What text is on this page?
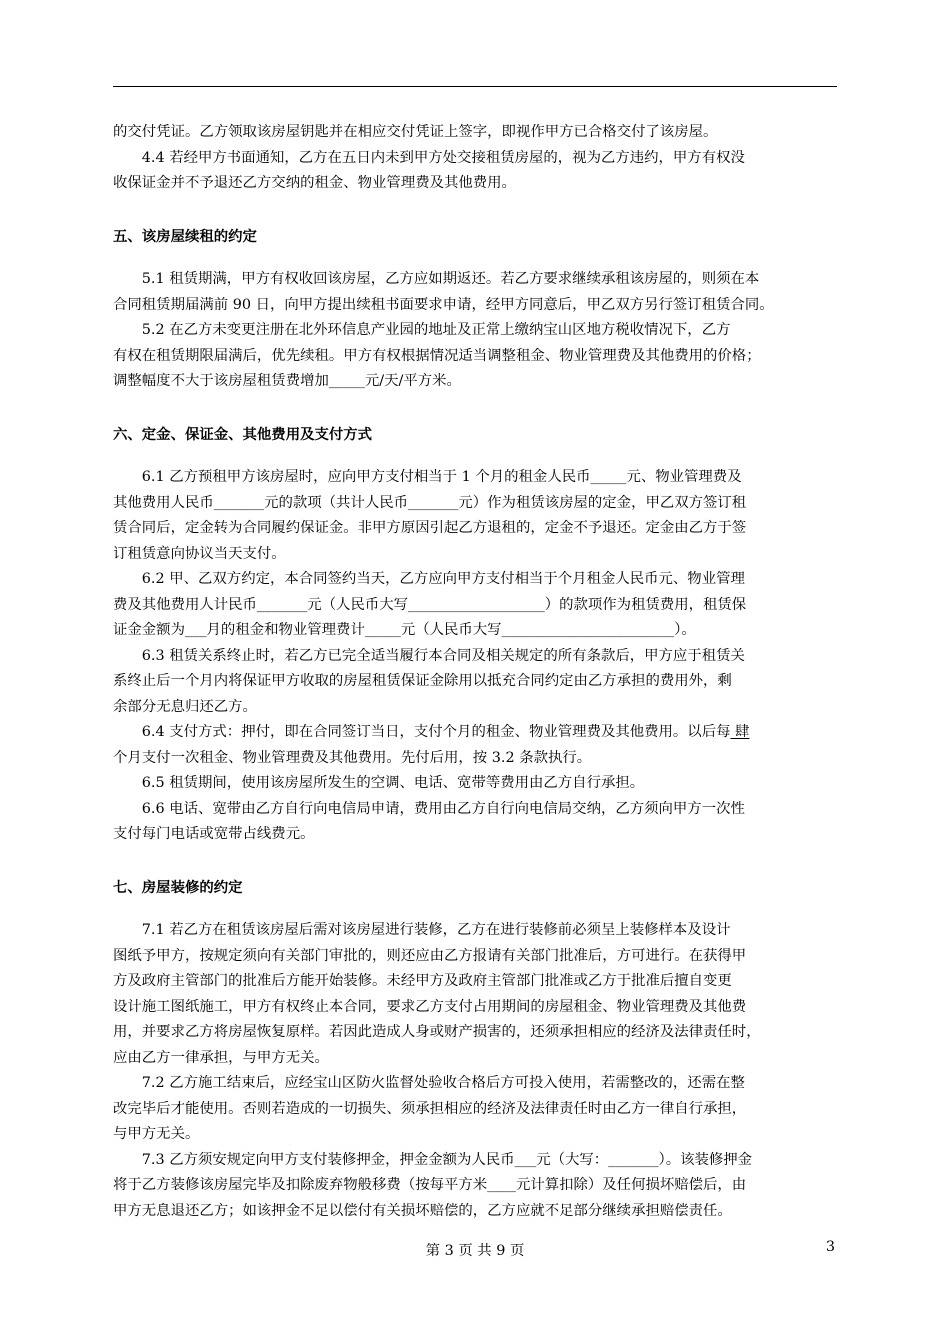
的交付凭证。乙方领取该房屋钥匙并在相应交付凭证上签字，即视作甲方已合格交付了该房屋。
　　4.4 若经甲方书面通知，乙方在五日内未到甲方处交接租赁房屋的，视为乙方违约，甲方有权没
收保证金并不予退还乙方交纳的租金、物业管理费及其他费用。
五、该房屋续租的约定
　　5.1 租赁期满，甲方有权收回该房屋，乙方应如期返还。若乙方要求继续承租该房屋的，则须在本
合同租赁期届满前 90 日，向甲方提出续租书面要求申请，经甲方同意后，甲乙双方另行签订租赁合同。
　　5.2 在乙方未变更注册在北外环信息产业园的地址及正常上缴纳宝山区地方税收情况下，乙方
有权在租赁期限届满后，优先续租。甲方有权根据情况适当调整租金、物业管理费及其他费用的价格；
调整幅度不大于该房屋租赁费增加_____元/天/平方米。
六、定金、保证金、其他费用及支付方式
　　6.1 乙方预租甲方该房屋时，应向甲方支付相当于 1 个月的租金人民币_____元、物业管理费及
其他费用人民币_______元的款项（共计人民币_______元）作为租赁该房屋的定金，甲乙双方签订租
赁合同后，定金转为合同履约保证金。非甲方原因引起乙方退租的，定金不予退还。定金由乙方于签
订租赁意向协议当天支付。
　　6.2 甲、乙双方约定，本合同签约当天，乙方应向甲方支付相当于个月租金人民币元、物业管理
费及其他费用人计民币_______元（人民币大写___________________）的款项作为租赁费用，租赁保
证金金额为___月的租金和物业管理费计_____元（人民币大写________________________）。
　　6.3 租赁关系终止时，若乙方已完全适当履行本合同及相关规定的所有条款后，甲方应于租赁关
系终止后一个月内将保证甲方收取的房屋租赁保证金除用以抵充合同约定由乙方承担的费用外，剩
余部分无息归还乙方。
　　6.4 支付方式：押付，即在合同签订当日，支付个月的租金、物业管理费及其他费用。以后每 肆
个月支付一次租金、物业管理费及其他费用。先付后用，按 3.2 条款执行。
　　6.5 租赁期间，使用该房屋所发生的空调、电话、宽带等费用由乙方自行承担。
　　6.6 电话、宽带由乙方自行向电信局申请，费用由乙方自行向电信局交纳，乙方须向甲方一次性
支付每门电话或宽带占线费元。
七、房屋装修的约定
　　7.1 若乙方在租赁该房屋后需对该房屋进行装修，乙方在进行装修前必须呈上装修样本及设计
图纸予甲方，按规定须向有关部门审批的，则还应由乙方报请有关部门批准后，方可进行。在获得甲
方及政府主管部门的批准后方能开始装修。未经甲方及政府主管部门批准或乙方于批准后擅自变更
设计施工图纸施工，甲方有权终止本合同，要求乙方支付占用期间的房屋租金、物业管理费及其他费
用，并要求乙方将房屋恢复原样。若因此造成人身或财产损害的，还须承担相应的经济及法律责任时，
应由乙方一律承担，与甲方无关。
　　7.2 乙方施工结束后，应经宝山区防火监督处验收合格后方可投入使用，若需整改的，还需在整
改完毕后才能使用。否则若造成的一切损失、须承担相应的经济及法律责任时由乙方一律自行承担，
与甲方无关。
　　7.3 乙方须安规定向甲方支付装修押金，押金金额为人民币___元（大写：_______）。该装修押金
将于乙方装修该房屋完毕及扣除废弃物般移费（按每平方米____元计算扣除）及任何损坏赔偿后，由
甲方无息退还乙方；如该押金不足以偿付有关损坏赔偿的，乙方应就不足部分继续承担赔偿责任。
第 3 页 共 9 页	3
